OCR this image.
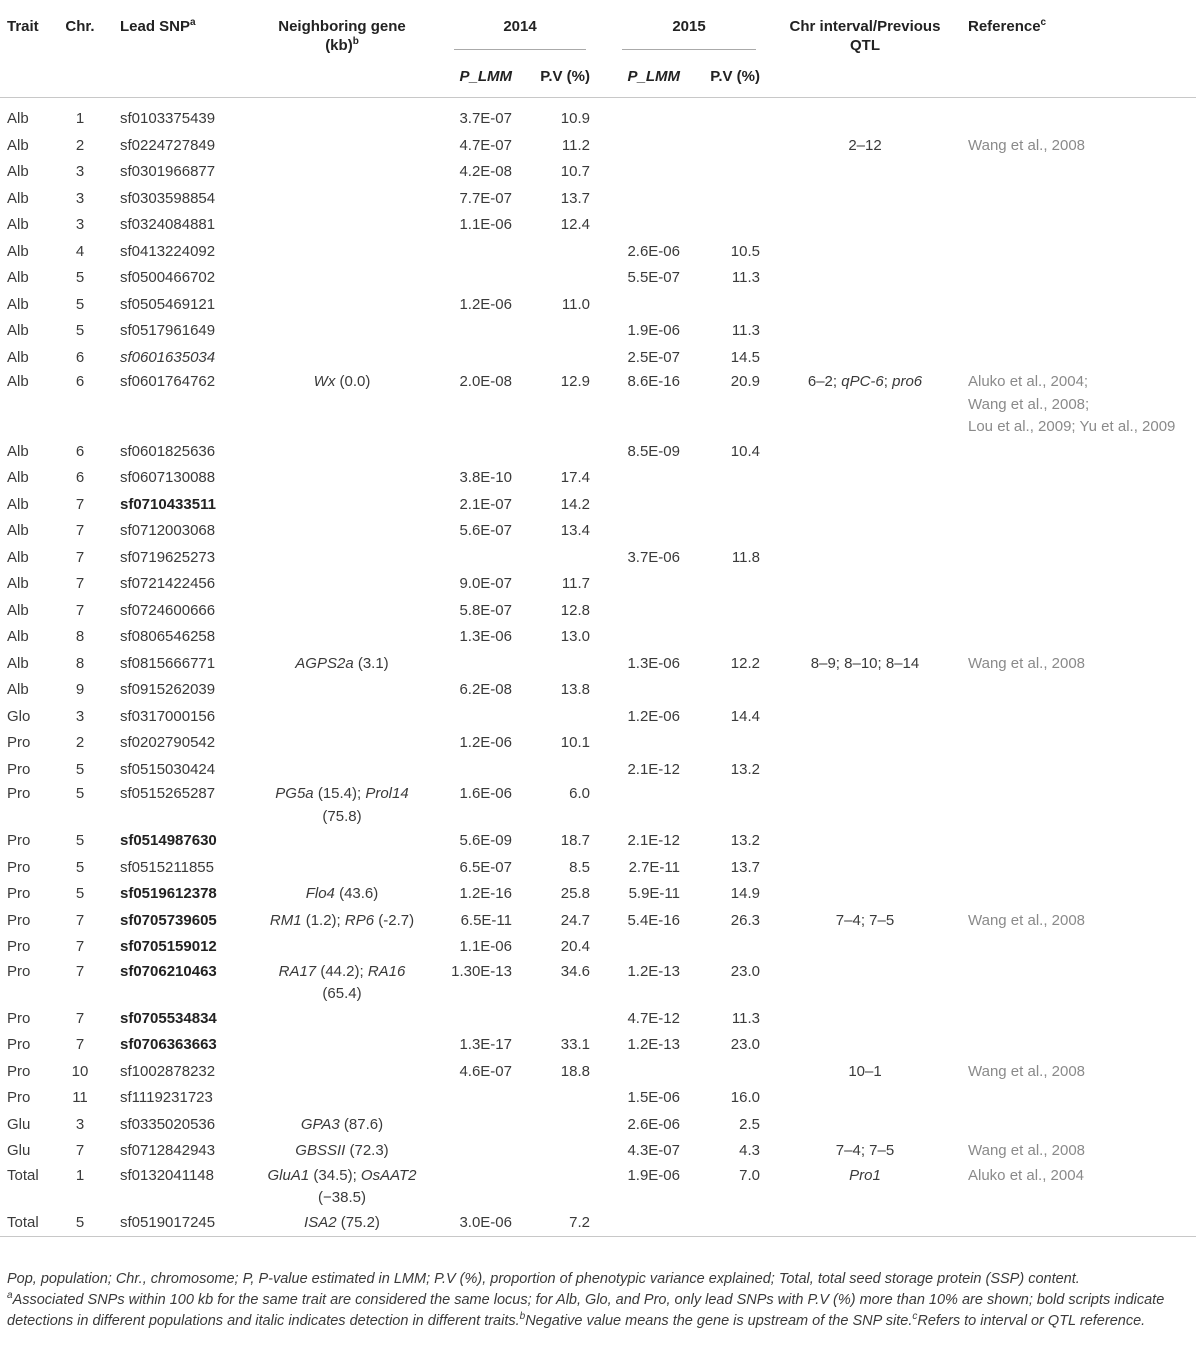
Trait	Chr.	Lead SNP$^a$	Neighboring gene
(kb)$^b$	2014		2015		Chr interval/Previous
QTL	Reference$^c$
				P_LMM	P.V (%)	P_LMM	P.V (%)		

Alb	1	sf0103375439		3.7E-07	10.9				
Alb	2	sf0224727849		4.7E-07	11.2			2–12	Wang et al., 2008
Alb	3	sf0301966877		4.2E-08	10.7				
Alb	3	sf0303598854		7.7E-07	13.7				
Alb	3	sf0324084881		1.1E-06	12.4				
Alb	4	sf0413224092				2.6E-06	10.5		
Alb	5	sf0500466702				5.5E-07	11.3		
Alb	5	sf0505469121		1.2E-06	11.0				
Alb	5	sf0517961649				1.9E-06	11.3		
Alb	6	sf0601635034				2.5E-07	14.5		
Alb	6	sf0601764762	Wx (0.0)	2.0E-08	12.9	8.6E-16	20.9	6–2; qPC-6; pro6	Aluko et al., 2004;
Wang et al., 2008;
Lou et al., 2009; Yu et al., 2009
Alb	6	sf0601825636				8.5E-09	10.4		
Alb	6	sf0607130088		3.8E-10	17.4				
Alb	7	sf0710433511		2.1E-07	14.2				
Alb	7	sf0712003068		5.6E-07	13.4				
Alb	7	sf0719625273				3.7E-06	11.8		
Alb	7	sf0721422456		9.0E-07	11.7				
Alb	7	sf0724600666		5.8E-07	12.8				
Alb	8	sf0806546258		1.3E-06	13.0				
Alb	8	sf0815666771	AGPS2a (3.1)			1.3E-06	12.2	8–9; 8–10; 8–14	Wang et al., 2008
Alb	9	sf0915262039		6.2E-08	13.8				
Glo	3	sf0317000156				1.2E-06	14.4		
Pro	2	sf0202790542		1.2E-06	10.1				
Pro	5	sf0515030424				2.1E-12	13.2		
Pro	5	sf0515265287	PG5a (15.4); Prol14
(75.8)	1.6E-06	6.0				
Pro	5	sf0514987630		5.6E-09	18.7	2.1E-12	13.2		
Pro	5	sf0515211855		6.5E-07	8.5	2.7E-11	13.7		
Pro	5	sf0519612378	Flo4 (43.6)	1.2E-16	25.8	5.9E-11	14.9		
Pro	7	sf0705739605	RM1 (1.2); RP6 (-2.7)	6.5E-11	24.7	5.4E-16	26.3	7–4; 7–5	Wang et al., 2008
Pro	7	sf0705159012		1.1E-06	20.4				
Pro	7	sf0706210463	RA17 (44.2); RA16
(65.4)	1.30E-13	34.6	1.2E-13	23.0		
Pro	7	sf0705534834				4.7E-12	11.3		
Pro	7	sf0706363663		1.3E-17	33.1	1.2E-13	23.0		
Pro	10	sf1002878232		4.6E-07	18.8			10–1	Wang et al., 2008
Pro	11	sf1119231723				1.5E-06	16.0		
Glu	3	sf0335020536	GPA3 (87.6)			2.6E-06	2.5		
Glu	7	sf0712842943	GBSSII (72.3)			4.3E-07	4.3	7–4; 7–5	Wang et al., 2008
Total	1	sf0132041148	GluA1 (34.5); OsAAT2
(−38.5)			1.9E-06	7.0	Pro1	Aluko et al., 2004
Total	5	sf0519017245	ISA2 (75.2)	3.0E-06	7.2				
Pop, population; Chr., chromosome; P, P-value estimated in LMM; P.V (%), proportion of phenotypic variance explained; Total, total seed storage protein (SSP) content.
$^a$Associated SNPs within 100 kb for the same trait are considered the same locus; for Alb, Glo, and Pro, only lead SNPs with P.V (%) more than 10% are shown; bold scripts indicate detections in different populations and italic indicates detection in different traits.$^b$Negative value means the gene is upstream of the SNP site.$^c$Refers to interval or QTL reference.
